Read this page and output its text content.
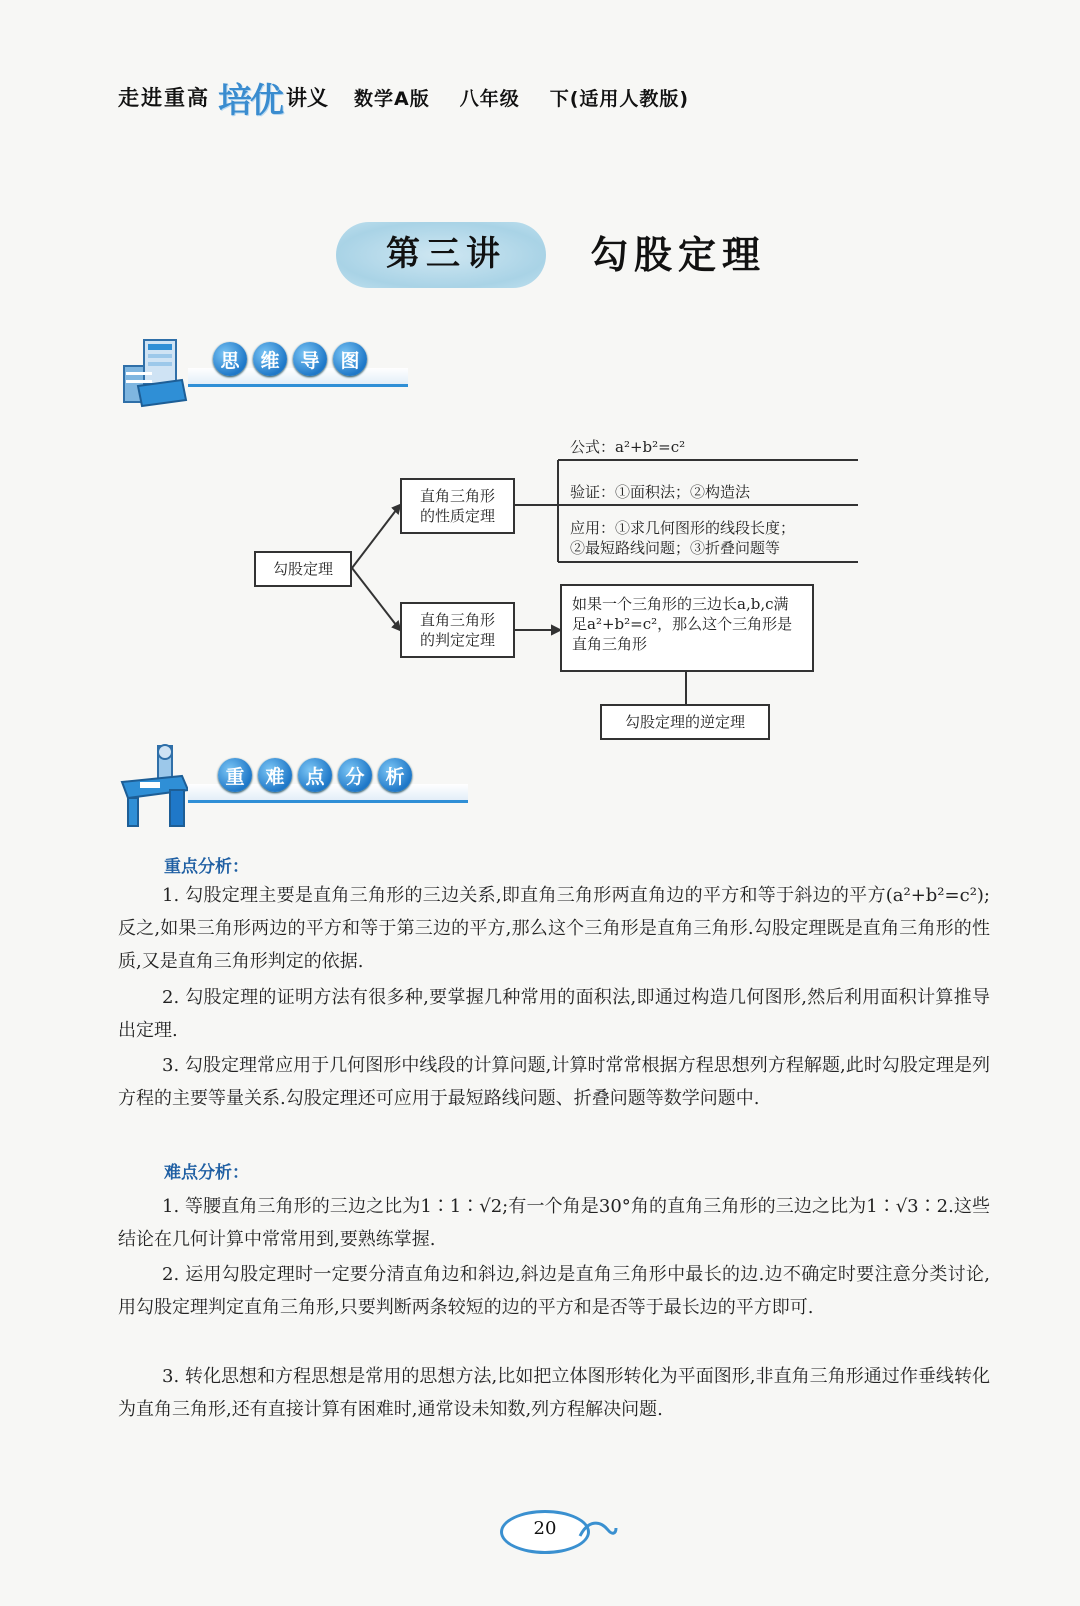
走进重高 培优 讲义 数学A版 八年级 下(适用人教版)
第三讲 勾股定理
思	维	导	图
勾股定理
直角三角形的性质定理
直角三角形的判定定理
公式：a²+b²=c²
验证：①面积法；②构造法
应用：①求几何图形的线段长度；
②最短路线问题；③折叠问题等
如果一个三角形的三边长a,b,c满足a²+b²=c²，那么这个三角形是直角三角形
勾股定理的逆定理
重	难	点	分	析
重点分析：

1. 勾股定理主要是直角三角形的三边关系,即直角三角形两直角边的平方和等于斜边的平方(a²+b²=c²);反之,如果三角形两边的平方和等于第三边的平方,那么这个三角形是直角三角形.勾股定理既是直角三角形的性质,又是直角三角形判定的依据.

2. 勾股定理的证明方法有很多种,要掌握几种常用的面积法,即通过构造几何图形,然后利用面积计算推导出定理.

3. 勾股定理常应用于几何图形中线段的计算问题,计算时常常根据方程思想列方程解题,此时勾股定理是列方程的主要等量关系.勾股定理还可应用于最短路线问题、折叠问题等数学问题中.

难点分析：

1. 等腰直角三角形的三边之比为1∶1∶√2;有一个角是30°角的直角三角形的三边之比为1∶√3∶2.这些结论在几何计算中常常用到,要熟练掌握.

2. 运用勾股定理时一定要分清直角边和斜边,斜边是直角三角形中最长的边.边不确定时要注意分类讨论,用勾股定理判定直角三角形,只要判断两条较短的边的平方和是否等于最长边的平方即可.

3. 转化思想和方程思想是常用的思想方法,比如把立体图形转化为平面图形,非直角三角形通过作垂线转化为直角三角形,还有直接计算有困难时,通常设未知数,列方程解决问题.

20
